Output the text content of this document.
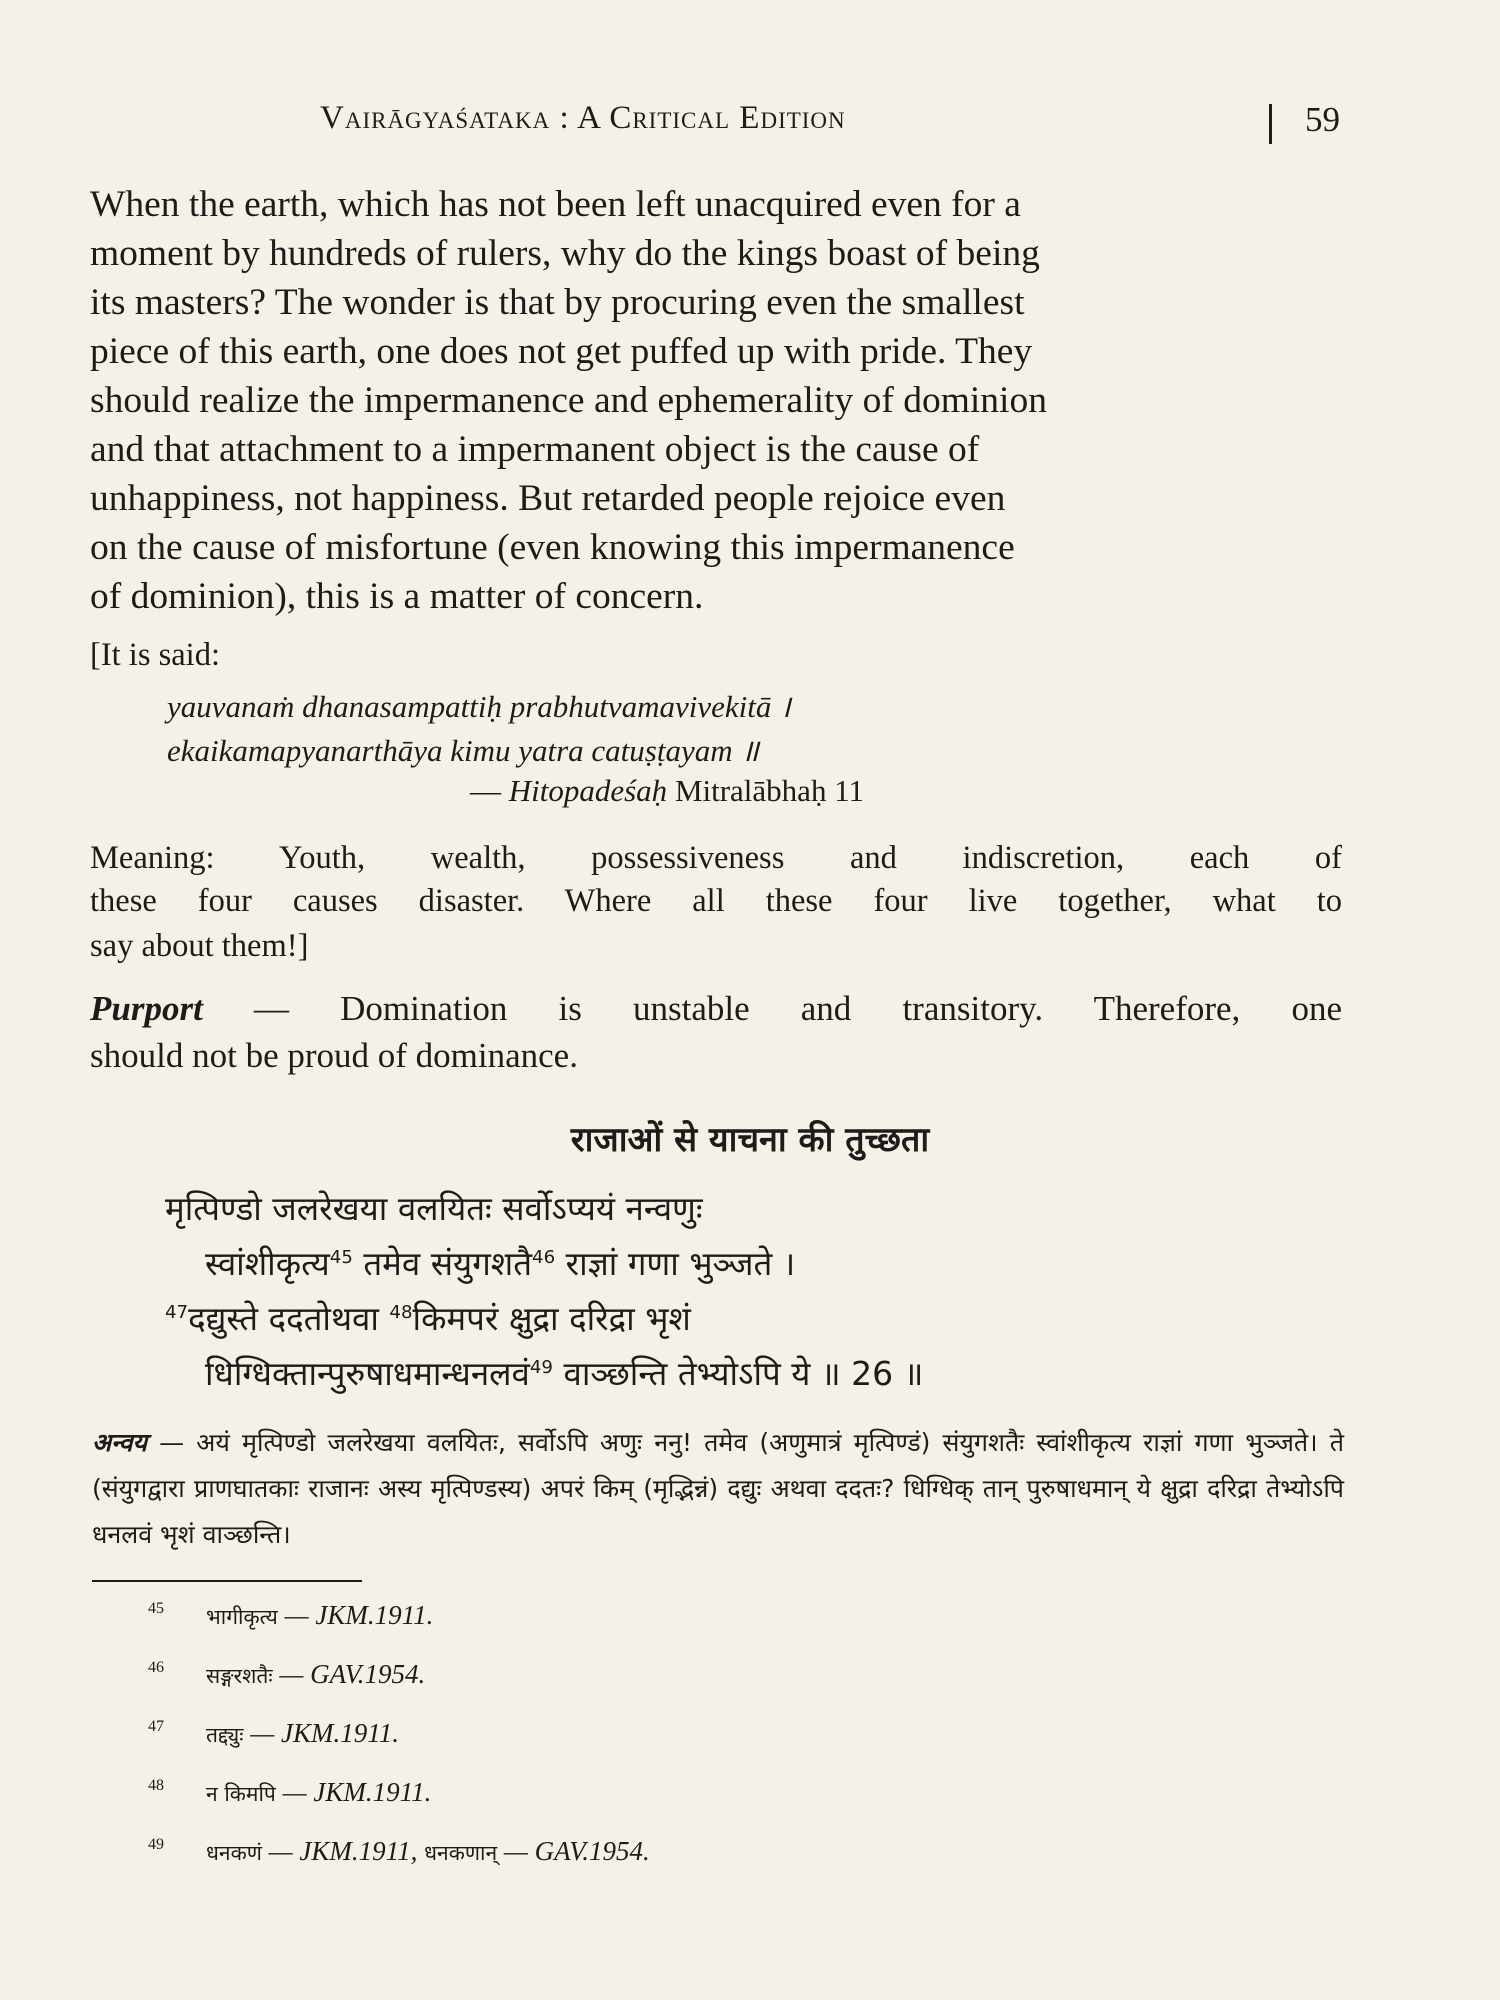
Vairāgyaśataka : A Critical Edition	59
When the earth, which has not been left unacquired even for a
moment by hundreds of rulers, why do the kings boast of being
its masters? The wonder is that by procuring even the smallest
piece of this earth, one does not get puffed up with pride. They
should realize the impermanence and ephemerality of dominion
and that attachment to a impermanent object is the cause of
unhappiness, not happiness. But retarded people rejoice even
on the cause of misfortune (even knowing this impermanence
of dominion), this is a matter of concern.
[It is said:
yauvanaṁ dhanasampattiḥ prabhutvamavivekitā ।
ekaikamapyanarthāya kimu yatra catuṣṭayam ॥
— Hitopadeśaḥ Mitralābhaḥ 11
Meaning: Youth, wealth, possessiveness and indiscretion, each of
these four causes disaster. Where all these four live together, what to
say about them!]
Purport — Domination is unstable and transitory. Therefore, one
should not be proud of dominance.
राजाओं से याचना की तुच्छता
मृत्पिण्डो जलरेखया वलयितः सर्वोऽप्ययं नन्वणुः
स्वांशीकृत्य$^{45}$ तमेव संयुगशतै$^{46}$ राज्ञां गणा भुञ्जते ।
$^{47}$दद्युस्ते ददतोथवा $^{48}$किमपरं क्षुद्रा दरिद्रा भृशं
धिग्धिक्तान्पुरुषाधमान्धनलवं$^{49}$ वाञ्छन्ति तेभ्योऽपि ये ॥ 26 ॥
अन्वय — अयं मृत्पिण्डो जलरेखया वलयितः, सर्वोऽपि अणुः ननु! तमेव (अणुमात्रं मृत्पिण्डं) संयुगशतैः स्वांशीकृत्य राज्ञां गणा भुञ्जते। ते (संयुगद्वारा प्राणघातकाः राजानः अस्य मृत्पिण्डस्य) अपरं किम् (मृद्भिन्नं) दद्युः अथवा ददतः? धिग्धिक् तान् पुरुषाधमान् ये क्षुद्रा दरिद्रा तेभ्योऽपि धनलवं भृशं वाञ्छन्ति।
45 भागीकृत्य — JKM.1911.
46 सङ्गरशतैः — GAV.1954.
47 तद्द्युः — JKM.1911.
48 न किमपि — JKM.1911.
49 धनकणं — JKM.1911, धनकणान् — GAV.1954.
